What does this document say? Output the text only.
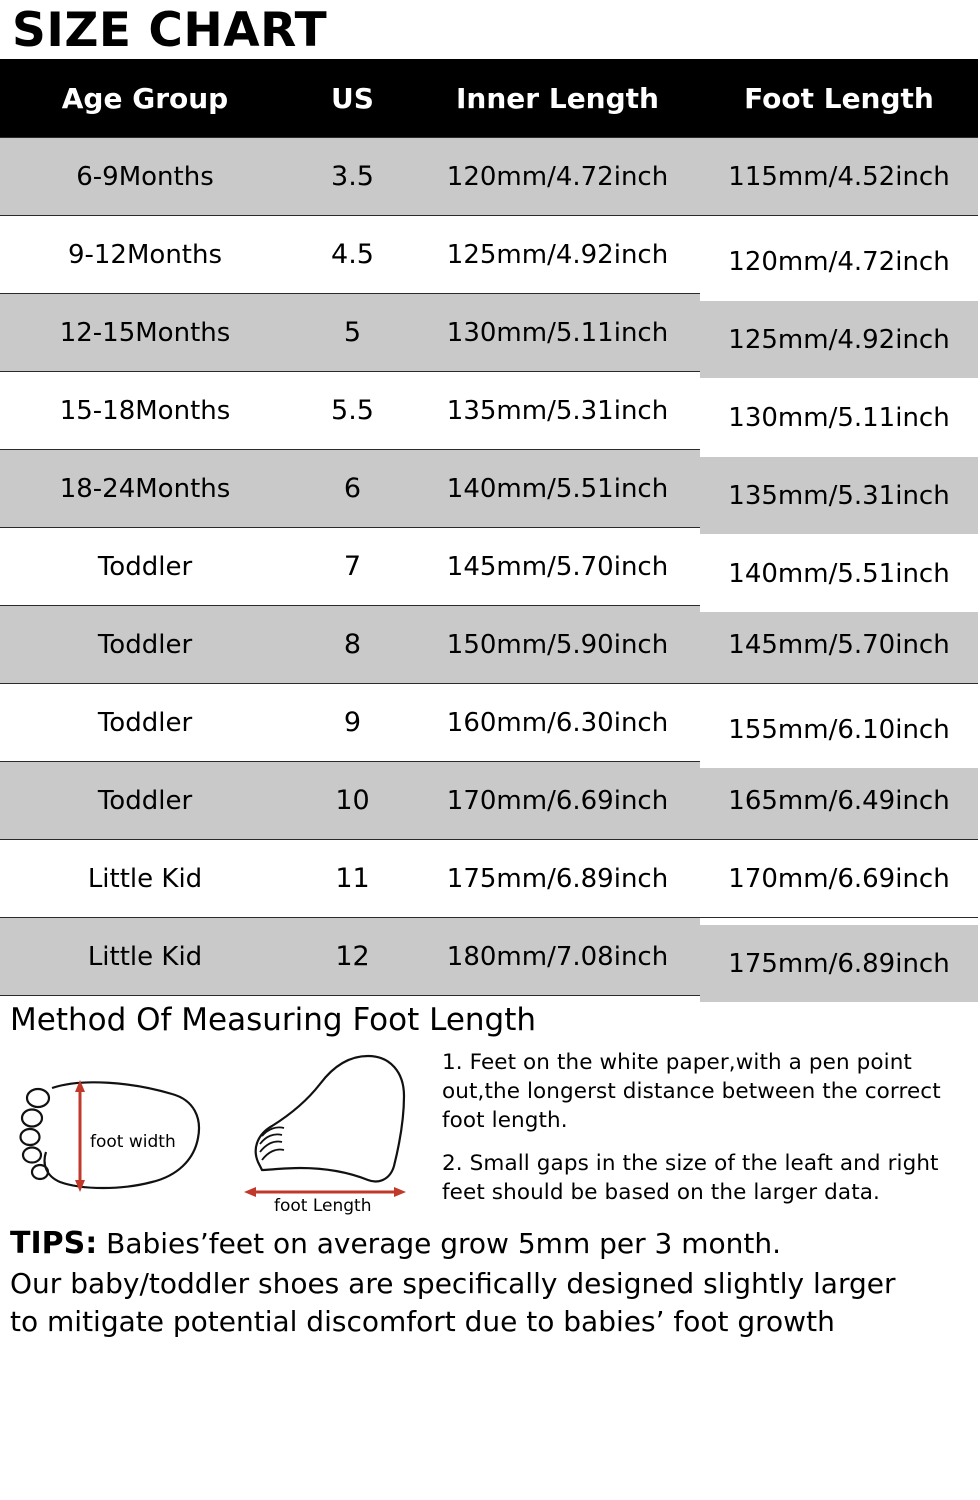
SIZE CHART
Age Group	US	Inner Length	Foot Length
6-9Months	3.5	120mm/4.72inch	115mm/4.52inch
9-12Months	4.5	125mm/4.92inch	120mm/4.72inch
12-15Months	5	130mm/5.11inch	125mm/4.92inch
15-18Months	5.5	135mm/5.31inch	130mm/5.11inch
18-24Months	6	140mm/5.51inch	135mm/5.31inch
Toddler	7	145mm/5.70inch	140mm/5.51inch
Toddler	8	150mm/5.90inch	145mm/5.70inch
Toddler	9	160mm/6.30inch	155mm/6.10inch
Toddler	10	170mm/6.69inch	165mm/6.49inch
Little Kid	11	175mm/6.89inch	170mm/6.69inch
Little Kid	12	180mm/7.08inch	175mm/6.89inch
Method Of Measuring Foot Length
foot width
foot Length

1. Feet on the white paper,with a pen point out,the longerst distance between the correct foot length.

2. Small gaps in the size of the leaft and right feet should be based on the larger data.

TIPS: Babies’feet on average grow 5mm per 3 month.
Our baby/toddler shoes are specifically designed slightly larger
to mitigate potential discomfort due to babies’ foot growth
